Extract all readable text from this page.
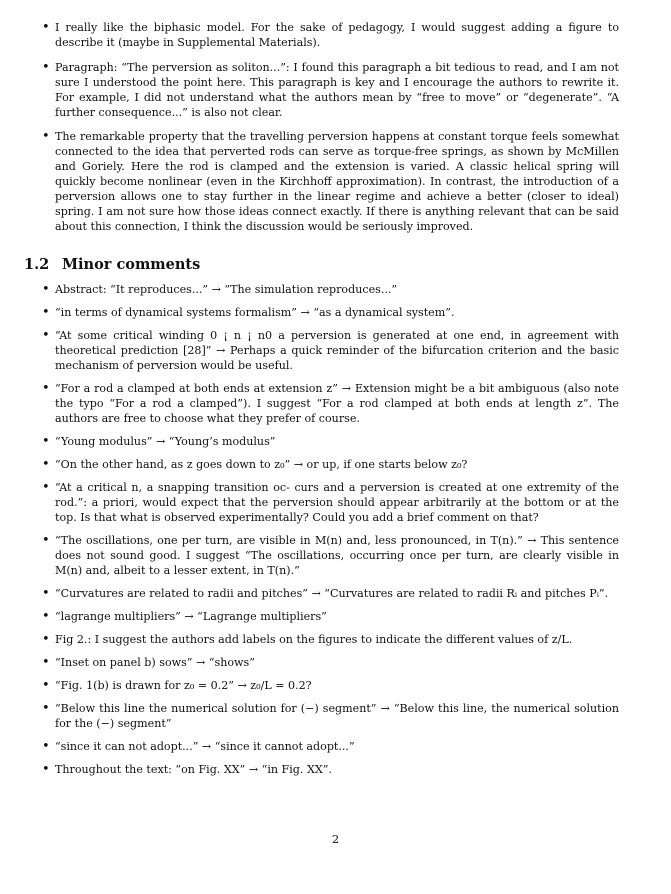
• I really like the biphasic model. For the sake of pedagogy, I would suggest adding a figure to describe it (maybe in Supplemental Materials).
• Paragraph: “The perversion as soliton...”: I found this paragraph a bit tedious to read, and I am not sure I understood the point here. This paragraph is key and I encourage the authors to rewrite it. For example, I did not understand what the authors mean by “free to move” or “degenerate”. “A further consequence...” is also not clear.
• The remarkable property that the travelling perversion happens at constant torque feels somewhat connected to the idea that perverted rods can serve as torque-free springs, as shown by McMillen and Goriely. Here the rod is clamped and the extension is varied. A classic helical spring will quickly become nonlinear (even in the Kirchhoff approximation). In contrast, the introduction of a perversion allows one to stay further in the linear regime and achieve a better (closer to ideal) spring. I am not sure how those ideas connect exactly. If there is anything relevant that can be said about this connection, I think the discussion would be seriously improved.
1.2 Minor comments
• Abstract: “It reproduces...” → “The simulation reproduces...”
• “in terms of dynamical systems formalism” → “as a dynamical system”.
• “At some critical winding 0 ¡ n ¡ n0 a perversion is generated at one end, in agreement with theoretical prediction [28]” → Perhaps a quick reminder of the bifurcation criterion and the basic mechanism of perversion would be useful.
• “For a rod a clamped at both ends at extension z” → Extension might be a bit ambiguous (also note the typo “For a rod a clamped”). I suggest “For a rod clamped at both ends at length z”. The authors are free to choose what they prefer of course.
• “Young modulus” → “Young’s modulus”
• “On the other hand, as z goes down to z₀” → or up, if one starts below z₀?
• “At a critical n, a snapping transition oc- curs and a perversion is created at one extremity of the rod.”: a priori, would expect that the perversion should appear arbitrarily at the bottom or at the top. Is that what is observed experimentally? Could you add a brief comment on that?
• “The oscillations, one per turn, are visible in M(n) and, less pronounced, in T(n).” → This sentence does not sound good. I suggest “The oscillations, occurring once per turn, are clearly visible in M(n) and, albeit to a lesser extent, in T(n).”
• “Curvatures are related to radii and pitches” → “Curvatures are related to radii Rᵢ and pitches Pᵢ”.
• “lagrange multipliers” → “Lagrange multipliers”
• Fig 2.: I suggest the authors add labels on the figures to indicate the different values of z/L.
• “Inset on panel b) sows” → “shows”
• “Fig. 1(b) is drawn for z₀ = 0.2” → z₀/L = 0.2?
• “Below this line the numerical solution for (−) segment” → “Below this line, the numerical solution for the (−) segment”
• “since it can not adopt...” → “since it cannot adopt...”
• Throughout the text: “on Fig. XX” → “in Fig. XX”.
2
